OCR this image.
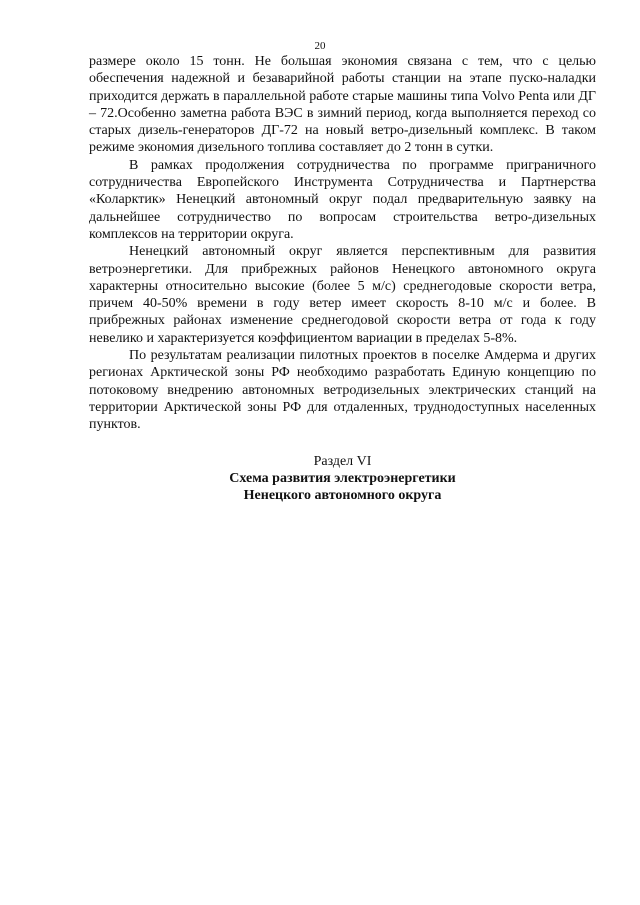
20

размере около 15 тонн. Не большая экономия связана с тем, что с целью обеспечения надежной и безаварийной работы станции на этапе пуско-наладки приходится держать в параллельной работе старые машины типа Volvo Penta или ДГ – 72.Особенно заметна работа ВЭС в зимний период, когда выполняется переход со старых дизель-генераторов ДГ-72 на новый ветро-дизельный комплекс. В таком режиме экономия дизельного топлива составляет до 2 тонн в сутки.

В рамках продолжения сотрудничества по программе приграничного сотрудничества Европейского Инструмента Сотрудничества и Партнерства «Коларктик» Ненецкий автономный округ подал предварительную заявку на дальнейшее сотрудничество по вопросам строительства ветро-дизельных комплексов на территории округа.

Ненецкий автономный округ является перспективным для развития ветроэнергетики. Для прибрежных районов Ненецкого автономного округа характерны относительно высокие (более 5 м/с) среднегодовые скорости ветра, причем 40-50% времени в году ветер имеет скорость 8-10 м/с и более. В прибрежных районах изменение среднегодовой скорости ветра от года к году невелико и характеризуется коэффициентом вариации в пределах 5-8%.

По результатам реализации пилотных проектов в поселке Амдерма и других регионах Арктической зоны РФ необходимо разработать Единую концепцию по потоковому внедрению автономных ветродизельных электрических станций на территории Арктической зоны РФ для отдаленных, труднодоступных населенных пунктов.

Раздел VI
Схема развития электроэнергетики
Ненецкого автономного округа
